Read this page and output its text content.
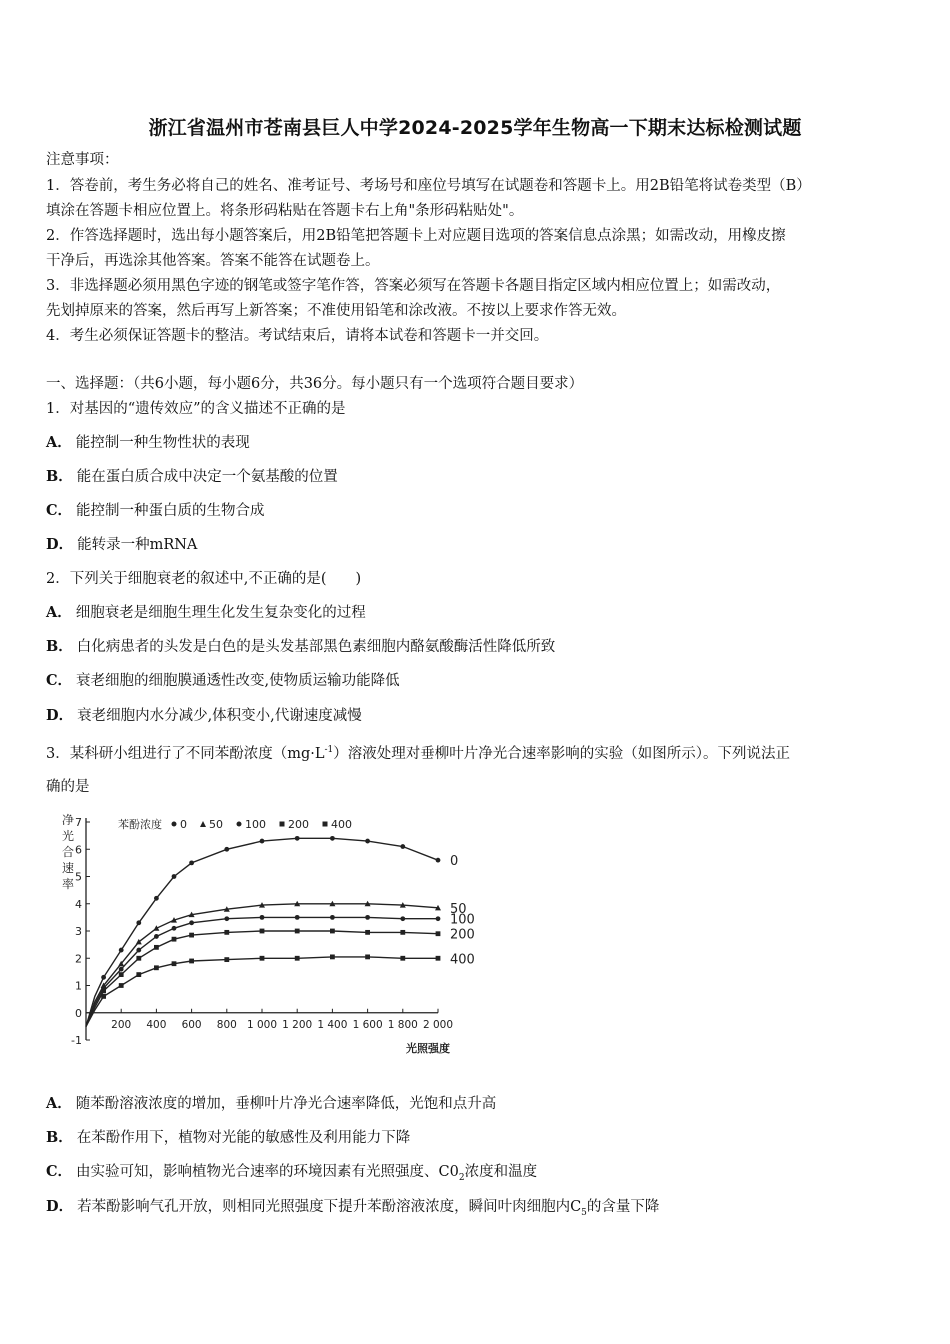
浙江省温州市苍南县巨人中学2024-2025学年生物高一下期末达标检测试题
注意事项：
1．答卷前，考生务必将自己的姓名、准考证号、考场号和座位号填写在试题卷和答题卡上。用2B铅笔将试卷类型（B）
填涂在答题卡相应位置上。将条形码粘贴在答题卡右上角"条形码粘贴处"。
2．作答选择题时，选出每小题答案后，用2B铅笔把答题卡上对应题目选项的答案信息点涂黑；如需改动，用橡皮擦
干净后，再选涂其他答案。答案不能答在试题卷上。
3．非选择题必须用黑色字迹的钢笔或签字笔作答，答案必须写在答题卡各题目指定区域内相应位置上；如需改动，
先划掉原来的答案，然后再写上新答案；不准使用铅笔和涂改液。不按以上要求作答无效。
4．考生必须保证答题卡的整洁。考试结束后，请将本试卷和答题卡一并交回。
一、选择题：（共6小题，每小题6分，共36分。每小题只有一个选项符合题目要求）
1．对基因的“遗传效应”的含义描述不正确的是
A． 能控制一种生物性状的表现
B． 能在蛋白质合成中决定一个氨基酸的位置
C． 能控制一种蛋白质的生物合成
D． 能转录一种mRNA
2．下列关于细胞衰老的叙述中,不正确的是(　　)
A． 细胞衰老是细胞生理生化发生复杂变化的过程
B． 白化病患者的头发是白色的是头发基部黑色素细胞内酪氨酸酶活性降低所致
C． 衰老细胞的细胞膜通透性改变,使物质运输功能降低
D． 衰老细胞内水分减少,体积变小,代谢速度减慢
3．某科研小组进行了不同苯酚浓度$(mg\cdot L^{-1})$溶液处理对垂柳叶片净光合速率影响的实验（如图所示）。下列说法正
确的是
-1
0
1
2
3
4
5
6
7
200 400 600 800 1 000 1 200 1 400 1 600 1 800 2 000
净光合速率
光照强度
苯酚浓度 0 50 100 200 400
0
50
100
200
400
A． 随苯酚溶液浓度的增加，垂柳叶片净光合速率降低，光饱和点升高
B． 在苯酚作用下，植物对光能的敏感性及利用能力下降
C． 由实验可知，影响植物光合速率的环境因素有光照强度、$C0_2$浓度和温度
D． 若苯酚影响气孔开放，则相同光照强度下提升苯酚溶液浓度，瞬间叶肉细胞内$C_5$的含量下降
